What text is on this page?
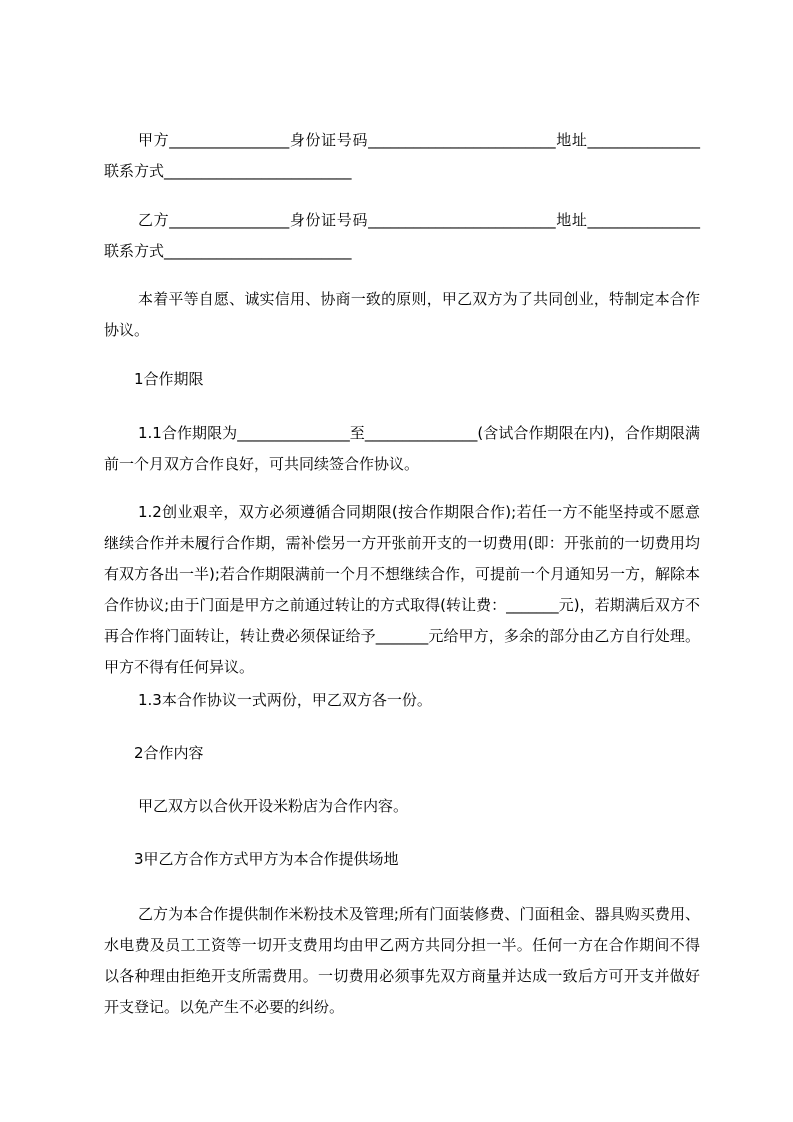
甲方________________身份证号码_________________________地址_______________联系方式_________________________

乙方________________身份证号码_________________________地址_______________联系方式_________________________

本着平等自愿、诚实信用、协商一致的原则，甲乙双方为了共同创业，特制定本合作协议。

1合作期限

1.1合作期限为_______________至_______________(含试合作期限在内)，合作期限满前一个月双方合作良好，可共同续签合作协议。

1.2创业艰辛，双方必须遵循合同期限(按合作期限合作);若任一方不能坚持或不愿意继续合作并未履行合作期，需补偿另一方开张前开支的一切费用(即：开张前的一切费用均有双方各出一半);若合作期限满前一个月不想继续合作，可提前一个月通知另一方，解除本合作协议;由于门面是甲方之前通过转让的方式取得(转让费：_______元)，若期满后双方不再合作将门面转让，转让费必须保证给予_______元给甲方，多余的部分由乙方自行处理。甲方不得有任何异议。

1.3本合作协议一式两份，甲乙双方各一份。

2合作内容

甲乙双方以合伙开设米粉店为合作内容。

3甲乙方合作方式甲方为本合作提供场地

乙方为本合作提供制作米粉技术及管理;所有门面装修费、门面租金、器具购买费用、水电费及员工工资等一切开支费用均由甲乙两方共同分担一半。任何一方在合作期间不得以各种理由拒绝开支所需费用。一切费用必须事先双方商量并达成一致后方可开支并做好开支登记。以免产生不必要的纠纷。
